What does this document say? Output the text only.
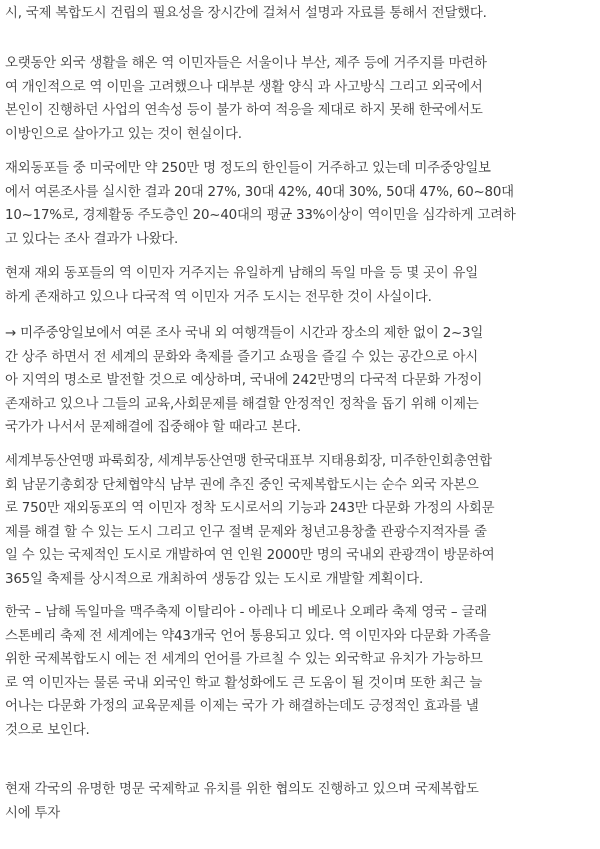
시, 국제 복합도시 건립의 필요성을 장시간에 걸쳐서 설명과 자료를 통해서 전달했다.

오랫동안 외국 생활을 해온 역 이민자들은 서울이나 부산, 제주 등에 거주지를 마련하
여 개인적으로 역 이민을 고려했으나 대부분 생활 양식 과 사고방식 그리고 외국에서
본인이 진행하던 사업의 연속성 등이 불가 하여 적응을 제대로 하지 못해 한국에서도
이방인으로 살아가고 있는 것이 현실이다.

재외동포들 중 미국에만 약 250만 명 정도의 한인들이 거주하고 있는데 미주중앙일보
에서 여론조사를 실시한 결과 20대 27%, 30대 42%, 40대 30%, 50대 47%, 60~80대
10~17%로, 경제활동 주도층인 20~40대의 평균 33%이상이 역이민을 심각하게 고려하
고 있다는 조사 결과가 나왔다.

현재 재외 동포들의 역 이민자 거주지는 유일하게 남해의 독일 마을 등 몇 곳이 유일
하게 존재하고 있으나 다국적 역 이민자 거주 도시는 전무한 것이 사실이다.

→ 미주중앙일보에서 여론 조사 국내 외 여행객들이 시간과 장소의 제한 없이 2~3일
간 상주 하면서 전 세계의 문화와 축제를 즐기고 쇼핑을 즐길 수 있는 공간으로 아시
아 지역의 명소로 발전할 것으로 예상하며, 국내에 242만명의 다국적 다문화 가정이
존재하고 있으나 그들의 교육,사회문제를 해결할 안정적인 정착을 돕기 위해 이제는
국가가 나서서 문제해결에 집중해야 할 때라고 본다.

세계부동산연맹 파룩회장, 세계부동산연맹 한국대표부 지태용회장, 미주한인회총연합
회 남문기총회장 단체협약식 남부 권에 추진 중인 국제복합도시는 순수 외국 자본으
로 750만 재외동포의 역 이민자 정착 도시로서의 기능과 243만 다문화 가정의 사회문
제를 해결 할 수 있는 도시 그리고 인구 절벽 문제와 청년고용창출 관광수지적자를 줄
일 수 있는 국제적인 도시로 개발하여 연 인원 2000만 명의 국내외 관광객이 방문하여
365일 축제를 상시적으로 개최하여 생동감 있는 도시로 개발할 계획이다.

한국 – 남해 독일마을 맥주축제 이탈리아 - 아레나 디 베로나 오페라 축제 영국 – 글래
스톤베리 축제 전 세계에는 약43개국 언어 통용되고 있다. 역 이민자와 다문화 가족을
위한 국제복합도시 에는 전 세계의 언어를 가르칠 수 있는 외국학교 유치가 가능하므
로 역 이민자는 물론 국내 외국인 학교 활성화에도 큰 도움이 될 것이며 또한 최근 늘
어나는 다문화 가정의 교육문제를 이제는 국가 가 해결하는데도 긍정적인 효과를 낼
것으로 보인다.

현재 각국의 유명한 명문 국제학교 유치를 위한 협의도 진행하고 있으며 국제복합도
시에 투자
